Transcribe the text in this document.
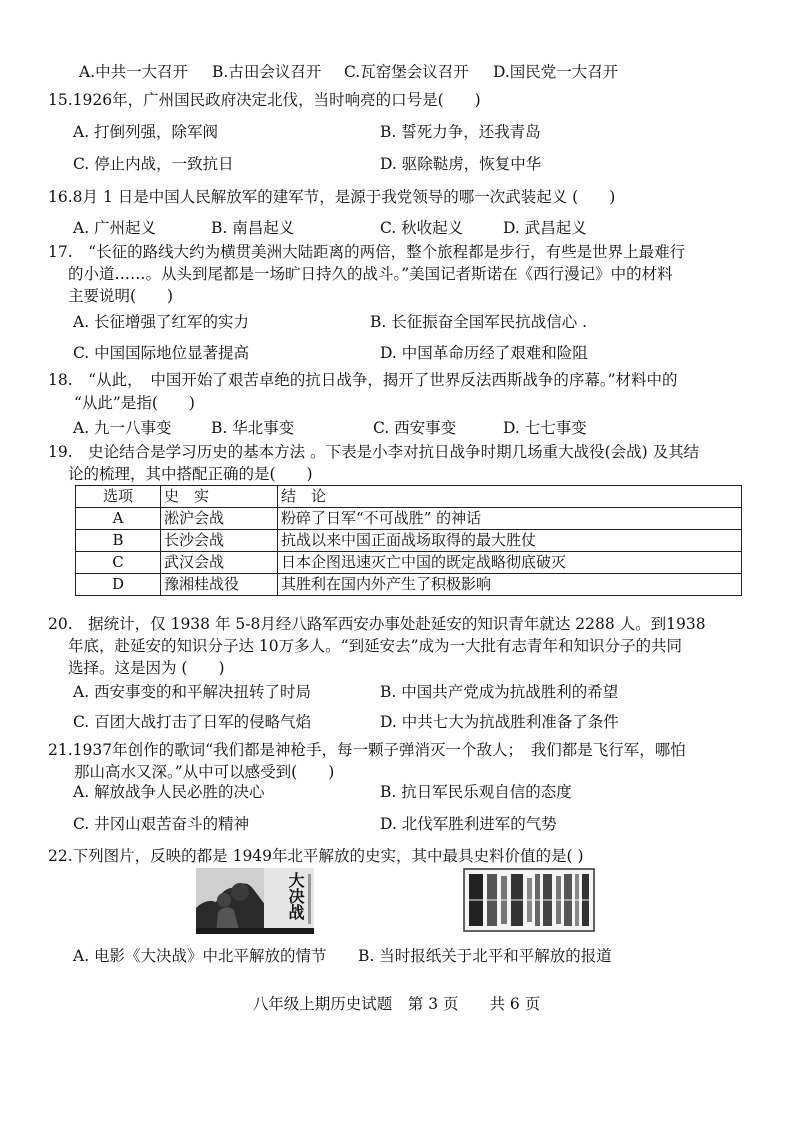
A.中共一大召开 B.古田会议召开 C.瓦窑堡会议召开 D.国民党一大召开
15.1926年，广州国民政府决定北伐，当时响亮的口号是(　　)
A. 打倒列强，除军阀	B. 誓死力争，还我青岛
C. 停止内战，一致抗日	D. 驱除鞑虏，恢复中华
16.8月 1 日是中国人民解放军的建军节，是源于我党领导的哪一次武装起义 (　　)
A. 广州起义	B. 南昌起义	C. 秋收起义	D. 武昌起义
17.　“长征的路线大约为横贯美洲大陆距离的两倍，整个旅程都是步行，有些是世界上最难行
的小道……。从头到尾都是一场旷日持久的战斗。”美国记者斯诺在《西行漫记》中的材料
主要说明(　　)
A. 长征增强了红军的实力	B. 长征振奋全国军民抗战信心 .
C. 中国国际地位显著提高	D. 中国革命历经了艰难和险阻
18.　“从此，　中国开始了艰苦卓绝的抗日战争，揭开了世界反法西斯战争的序幕。”材料中的
“从此”是指(　　)
A. 九一八事变	B. 华北事变	C. 西安事变	D. 七七事变
19.　史论结合是学习历史的基本方法 。下表是小李对抗日战争时期几场重大战役(会战) 及其结
论的梳理，其中搭配正确的是(　　)
选项	史　实	结　论
A	淞沪会战	粉碎了日军“不可战胜” 的神话
B	长沙会战	抗战以来中国正面战场取得的最大胜仗
C	武汉会战	日本企图迅速灭亡中国的既定战略彻底破灭
D	豫湘桂战役	其胜利在国内外产生了积极影响
20.　据统计，仅 1938 年 5-8月经八路军西安办事处赴延安的知识青年就达 2288 人。到1938
年底，赴延安的知识分子达 10万多人。“到延安去”成为一大批有志青年和知识分子的共同
选择。这是因为 (　　)
A. 西安事变的和平解决扭转了时局	B. 中国共产党成为抗战胜利的希望
C. 百团大战打击了日军的侵略气焰	D. 中共七大为抗战胜利准备了条件
21.1937年创作的歌词“我们都是神枪手，每一颗子弹消灭一个敌人；　我们都是飞行军，哪怕
那山高水又深。”从中可以感受到(　　)
A. 解放战争人民必胜的决心	B. 抗日军民乐观自信的态度
C. 井冈山艰苦奋斗的精神	D. 北伐军胜利进军的气势
22.下列图片，反映的都是 1949年北平解放的史实，其中最具史料价值的是( )
大决战
A. 电影《大决战》中北平解放的情节 B. 当时报纸关于北平和平解放的报道
八年级上期历史试题　第 3 页　　共 6 页
